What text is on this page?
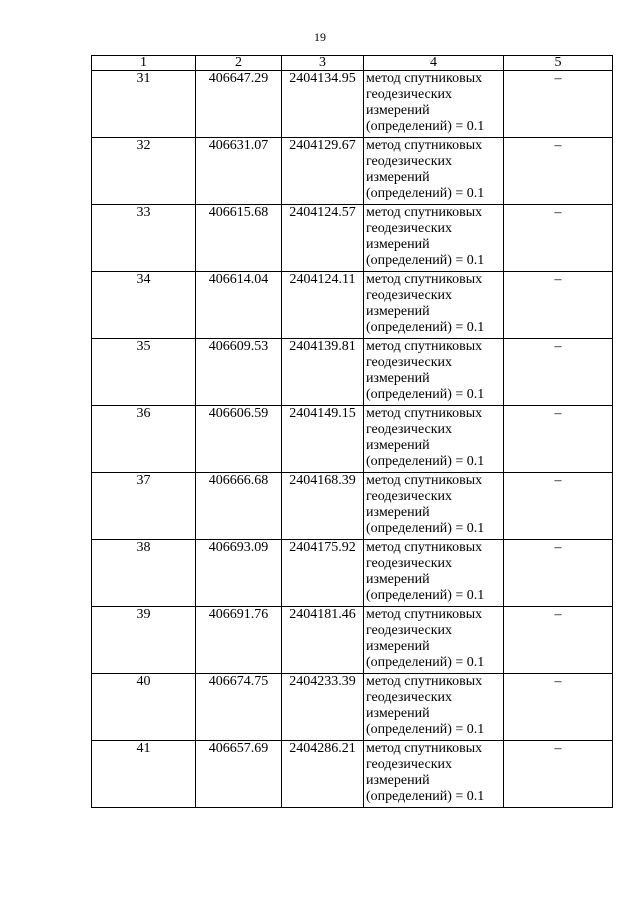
19
1	2	3	4	5
31	406647.29	2404134.95	метод спутниковых
геодезических
измерений
(определений) = 0.1	–
32	406631.07	2404129.67	метод спутниковых
геодезических
измерений
(определений) = 0.1	–
33	406615.68	2404124.57	метод спутниковых
геодезических
измерений
(определений) = 0.1	–
34	406614.04	2404124.11	метод спутниковых
геодезических
измерений
(определений) = 0.1	–
35	406609.53	2404139.81	метод спутниковых
геодезических
измерений
(определений) = 0.1	–
36	406606.59	2404149.15	метод спутниковых
геодезических
измерений
(определений) = 0.1	–
37	406666.68	2404168.39	метод спутниковых
геодезических
измерений
(определений) = 0.1	–
38	406693.09	2404175.92	метод спутниковых
геодезических
измерений
(определений) = 0.1	–
39	406691.76	2404181.46	метод спутниковых
геодезических
измерений
(определений) = 0.1	–
40	406674.75	2404233.39	метод спутниковых
геодезических
измерений
(определений) = 0.1	–
41	406657.69	2404286.21	метод спутниковых
геодезических
измерений
(определений) = 0.1	–
